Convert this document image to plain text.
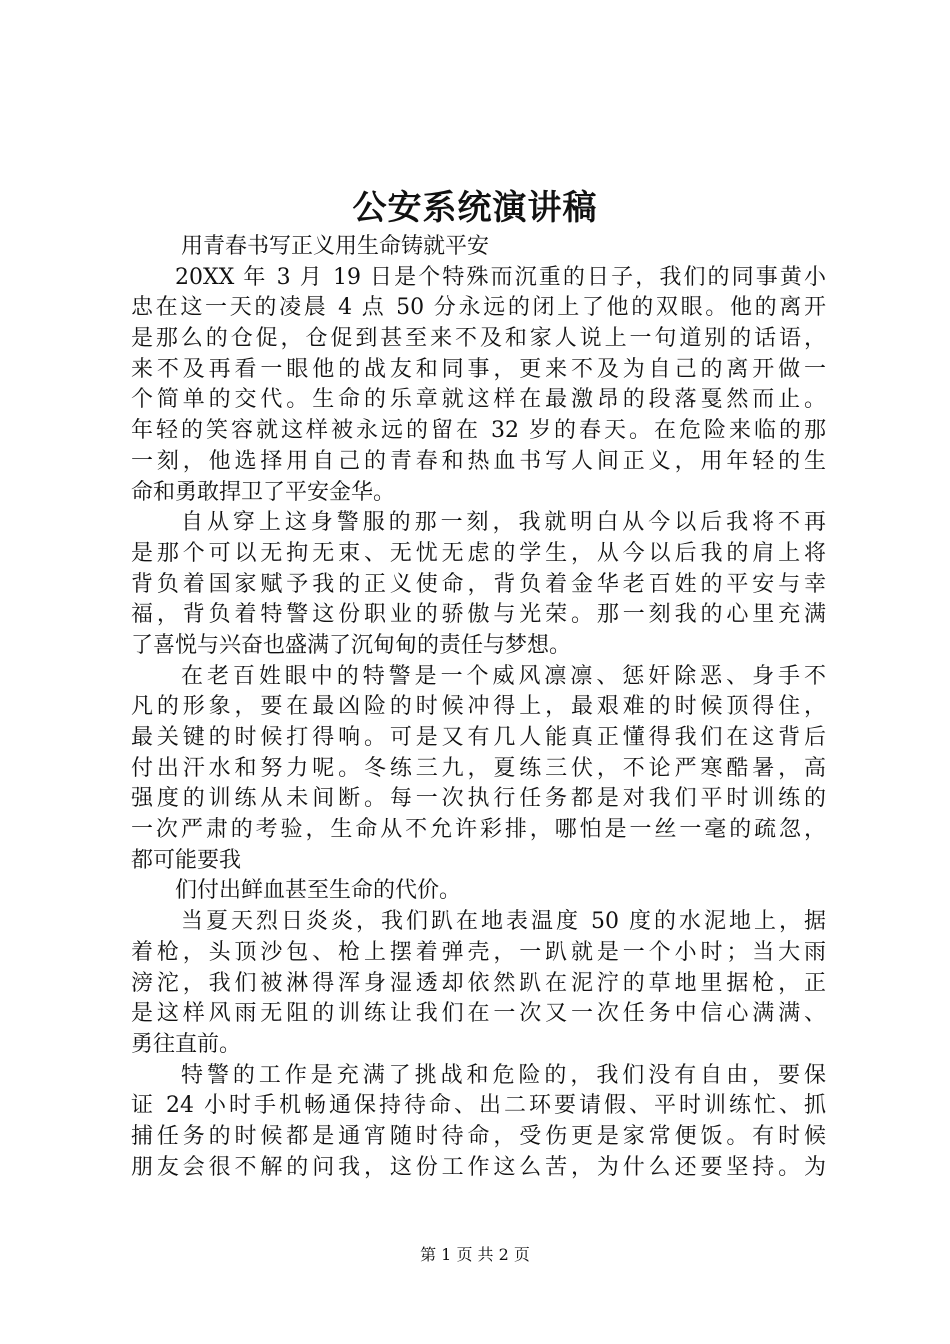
公安系统演讲稿
用青春书写正义用生命铸就平安
20XX 年 3 月 19 日是个特殊而沉重的日子，我们的同事黄小
忠在这一天的凌晨 4 点 50 分永远的闭上了他的双眼。他的离开
是那么的仓促，仓促到甚至来不及和家人说上一句道别的话语，
来不及再看一眼他的战友和同事，更来不及为自己的离开做一
个简单的交代。生命的乐章就这样在最激昂的段落戛然而止。
年轻的笑容就这样被永远的留在 32 岁的春天。在危险来临的那
一刻，他选择用自己的青春和热血书写人间正义，用年轻的生
命和勇敢捍卫了平安金华。
自从穿上这身警服的那一刻，我就明白从今以后我将不再
是那个可以无拘无束、无忧无虑的学生，从今以后我的肩上将
背负着国家赋予我的正义使命，背负着金华老百姓的平安与幸
福，背负着特警这份职业的骄傲与光荣。那一刻我的心里充满
了喜悦与兴奋也盛满了沉甸甸的责任与梦想。
在老百姓眼中的特警是一个威风凛凛、惩奸除恶、身手不
凡的形象，要在最凶险的时候冲得上，最艰难的时候顶得住，
最关键的时候打得响。可是又有几人能真正懂得我们在这背后
付出汗水和努力呢。冬练三九，夏练三伏，不论严寒酷暑，高
强度的训练从未间断。每一次执行任务都是对我们平时训练的
一次严肃的考验，生命从不允许彩排，哪怕是一丝一毫的疏忽，
都可能要我
们付出鲜血甚至生命的代价。
当夏天烈日炎炎，我们趴在地表温度 50 度的水泥地上，据
着枪，头顶沙包、枪上摆着弹壳，一趴就是一个小时；当大雨
滂沱，我们被淋得浑身湿透却依然趴在泥泞的草地里据枪，正
是这样风雨无阻的训练让我们在一次又一次任务中信心满满、
勇往直前。
特警的工作是充满了挑战和危险的，我们没有自由，要保
证 24 小时手机畅通保持待命、出二环要请假、平时训练忙、抓
捕任务的时候都是通宵随时待命，受伤更是家常便饭。有时候
朋友会很不解的问我，这份工作这么苦，为什么还要坚持。为
第 1 页 共 2 页
